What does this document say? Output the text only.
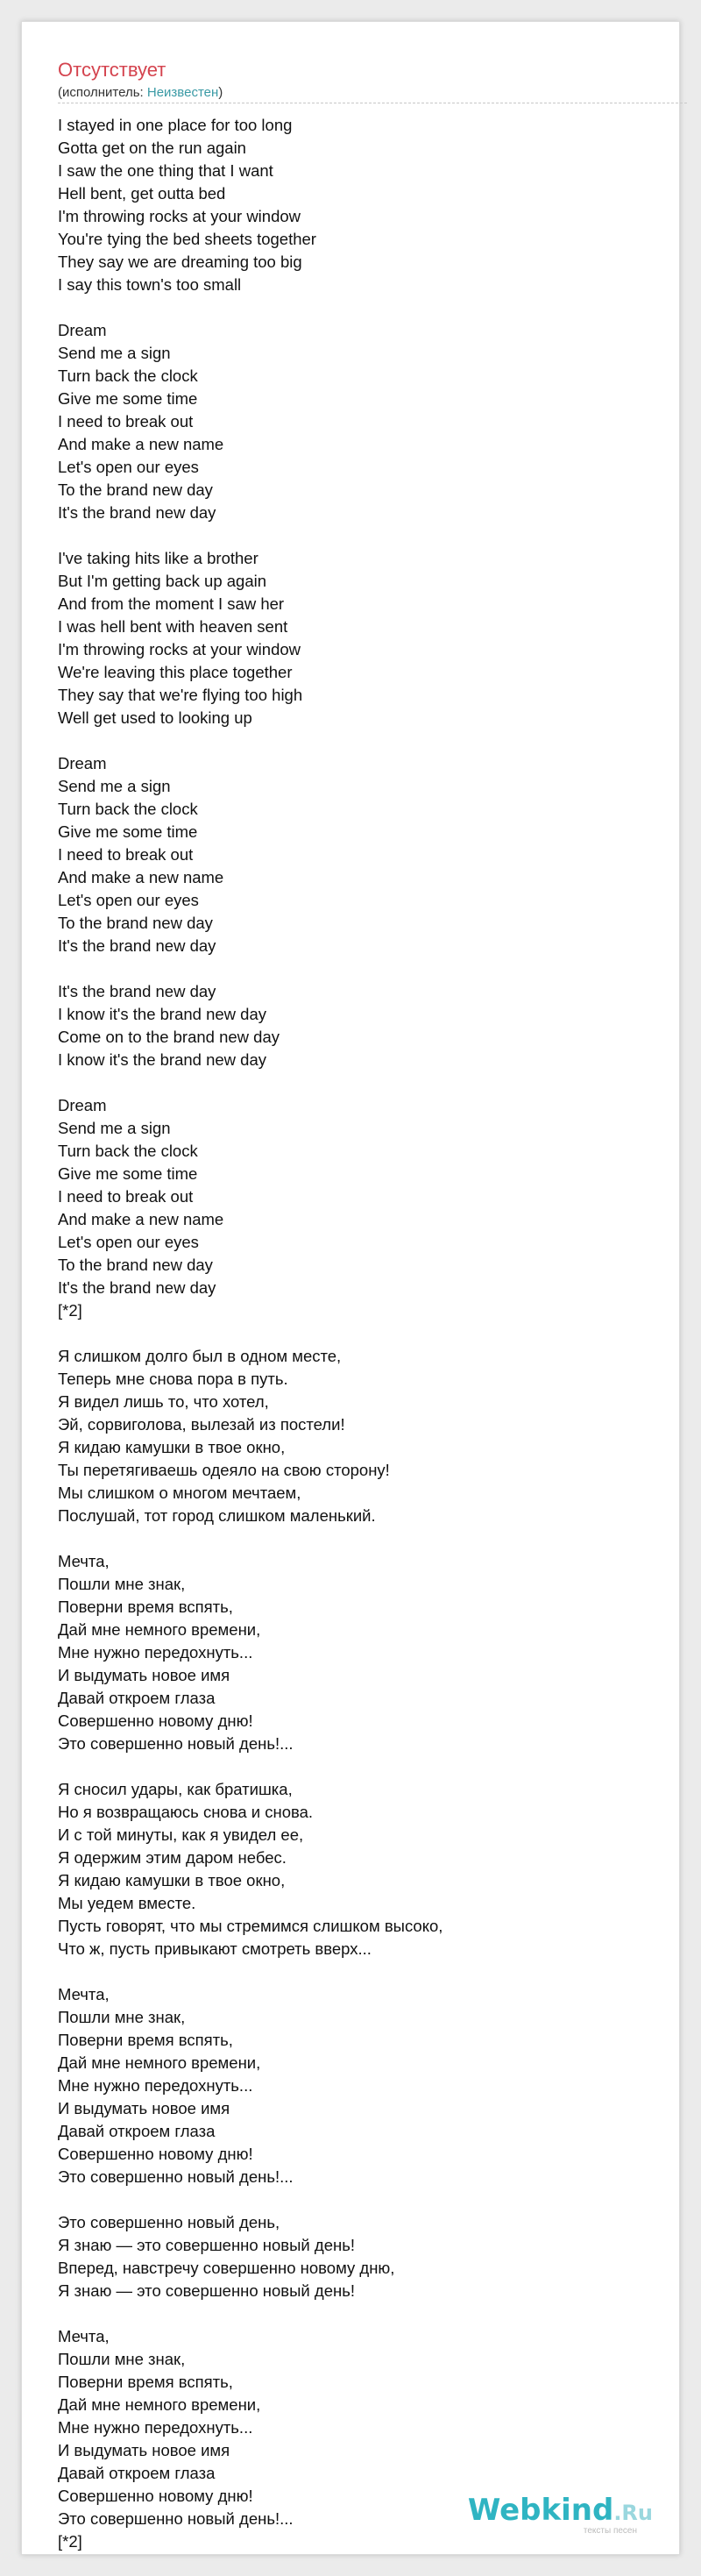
Отсутствует
(исполнитель: Неизвестен)
I stayed in one place for too long
Gotta get on the run again
I saw the one thing that I want
Hell bent, get outta bed
I'm throwing rocks at your window
You're tying the bed sheets together
They say we are dreaming too big
I say this town's too small
Dream
Send me a sign
Turn back the clock
Give me some time
I need to break out
And make a new name
Let's open our eyes
To the brand new day
It's the brand new day
I've taking hits like a brother
But I'm getting back up again
And from the moment I saw her
I was hell bent with heaven sent
I'm throwing rocks at your window
We're leaving this place together
They say that we're flying too high
Well get used to looking up
Dream
Send me a sign
Turn back the clock
Give me some time
I need to break out
And make a new name
Let's open our eyes
To the brand new day
It's the brand new day
It's the brand new day
I know it's the brand new day
Come on to the brand new day
I know it's the brand new day
Dream
Send me a sign
Turn back the clock
Give me some time
I need to break out
And make a new name
Let's open our eyes
To the brand new day
It's the brand new day
[*2]
Я слишком долго был в одном месте,
Теперь мне снова пора в путь.
Я видел лишь то, что хотел,
Эй, сорвиголова, вылезай из постели!
Я кидаю камушки в твое окно,
Ты перетягиваешь одеяло на свою сторону!
Мы слишком о многом мечтаем,
Послушай, тот город слишком маленький.
Мечта,
Пошли мне знак,
Поверни время вспять,
Дай мне немного времени,
Мне нужно передохнуть...
И выдумать новое имя
Давай откроем глаза
Совершенно новому дню!
Это совершенно новый день!...
Я сносил удары, как братишка,
Но я возвращаюсь снова и снова.
И с той минуты, как я увидел ее,
Я одержим этим даром небес.
Я кидаю камушки в твое окно,
Мы уедем вместе.
Пусть говорят, что мы стремимся слишком высоко,
Что ж, пусть привыкают смотреть вверх...
Мечта,
Пошли мне знак,
Поверни время вспять,
Дай мне немного времени,
Мне нужно передохнуть...
И выдумать новое имя
Давай откроем глаза
Совершенно новому дню!
Это совершенно новый день!...
Это совершенно новый день,
Я знаю — это совершенно новый день!
Вперед, навстречу совершенно новому дню,
Я знаю — это совершенно новый день!
Мечта,
Пошли мне знак,
Поверни время вспять,
Дай мне немного времени,
Мне нужно передохнуть...
И выдумать новое имя
Давай откроем глаза
Совершенно новому дню!
Это совершенно новый день!...
[*2]
Webkind.Ru
тексты песен
